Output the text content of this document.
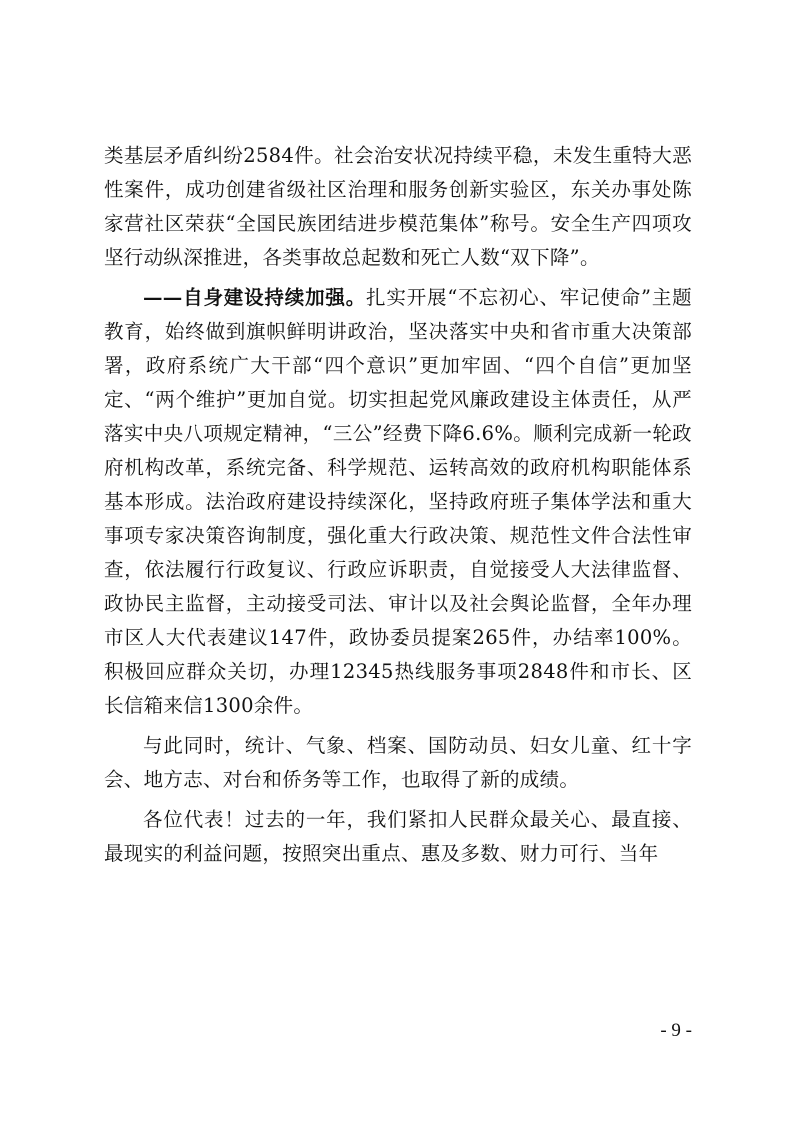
类基层矛盾纠纷2584件。社会治安状况持续平稳，未发生重特大恶性案件，成功创建省级社区治理和服务创新实验区，东关办事处陈家营社区荣获“全国民族团结进步模范集体”称号。安全生产四项攻坚行动纵深推进，各类事故总起数和死亡人数“双下降”。

——自身建设持续加强。扎实开展“不忘初心、牢记使命”主题教育，始终做到旗帜鲜明讲政治，坚决落实中央和省市重大决策部署，政府系统广大干部“四个意识”更加牢固、“四个自信”更加坚定、“两个维护”更加自觉。切实担起党风廉政建设主体责任，从严落实中央八项规定精神，“三公”经费下降6.6%。顺利完成新一轮政府机构改革，系统完备、科学规范、运转高效的政府机构职能体系基本形成。法治政府建设持续深化，坚持政府班子集体学法和重大事项专家决策咨询制度，强化重大行政决策、规范性文件合法性审查，依法履行行政复议、行政应诉职责，自觉接受人大法律监督、政协民主监督，主动接受司法、审计以及社会舆论监督，全年办理市区人大代表建议147件，政协委员提案265件，办结率100%。积极回应群众关切，办理12345热线服务事项2848件和市长、区长信箱来信1300余件。

与此同时，统计、气象、档案、国防动员、妇女儿童、红十字会、地方志、对台和侨务等工作，也取得了新的成绩。

各位代表！过去的一年，我们紧扣人民群众最关心、最直接、最现实的利益问题，按照突出重点、惠及多数、财力可行、当年

- 9 -
